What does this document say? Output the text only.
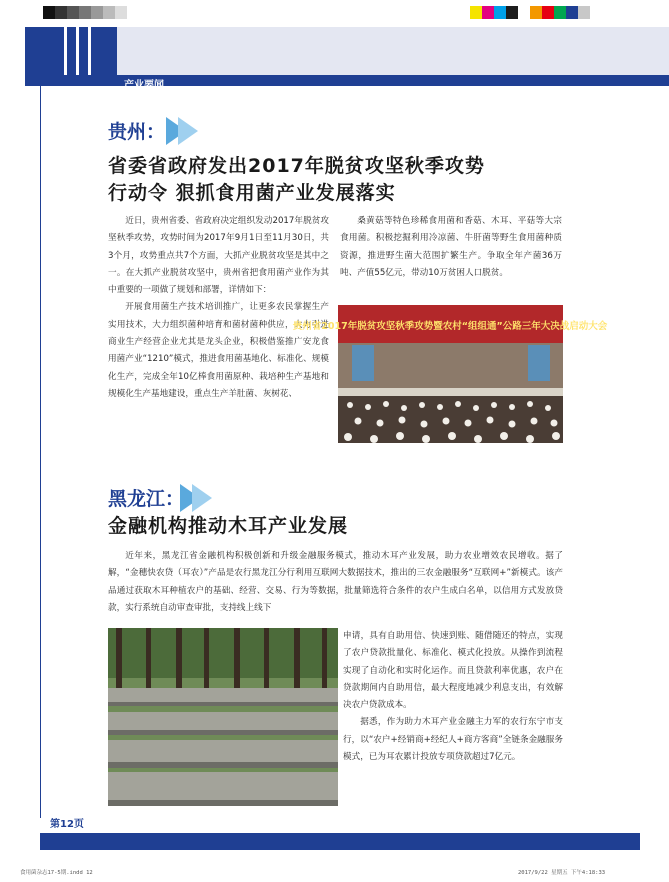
产业要闻
贵州：
省委省政府发出2017年脱贫攻坚秋季攻势
行动令 狠抓食用菌产业发展落实
近日，贵州省委、省政府决定组织发动2017年脱贫攻坚秋季攻势，攻势时间为2017年9月1日至11月30日，共3个月，攻势重点共7个方面，大抓产业脱贫攻坚是其中之一。在大抓产业脱贫攻坚中，贵州省把食用菌产业作为其中重要的一项做了规划和部署，详情如下：
开展食用菌生产技术培训推广，让更多农民掌握生产实用技术，大力组织菌种培育和菌材菌种供应，大力引进商业生产经营企业尤其是龙头企业，积极借鉴推广安龙食用菌产业“1210”模式，推进食用菌基地化、标准化、规模化生产，完成全年10亿棒食用菌原种、栽培种生产基地和规模化生产基地建设，重点生产羊肚菌、灰树花、
桑黄菇等特色珍稀食用菌和香菇、木耳、平菇等大宗食用菌。积极挖掘利用冷凉菌、牛肝菌等野生食用菌种质资源，推进野生菌大范围扩繁生产。争取全年产菌36万吨、产值55亿元，带动10万贫困人口脱贫。
贵州省2017年脱贫攻坚秋季攻势暨农村“组组通”公路三年大决战启动大会
黑龙江：
金融机构推动木耳产业发展
近年来，黑龙江省金融机构积极创新和升级金融服务模式，推动木耳产业发展，助力农业增效农民增收。据了解，“金穗快农贷（耳农）”产品是农行黑龙江分行利用互联网大数据技术，推出的三农金融服务“互联网+”新模式。该产品通过获取木耳种植农户的基础、经营、交易、行为等数据，批量筛选符合条件的农户生成白名单，以信用方式发放贷款，实行系统自动审查审批，支持线上线下
申请，具有自助用信、快速到账、随借随还的特点，实现了农户贷款批量化、标准化、模式化投放。从操作到流程实现了自动化和实时化运作。而且贷款利率优惠，农户在贷款期间内自助用信，最大程度地减少利息支出，有效解决农户贷款成本。
据悉，作为助力木耳产业金融主力军的农行东宁市支行，以“农户+经销商+经纪人+商方客商”全链条金融服务模式，已为耳农累计投放专项贷款超过7亿元。
第12页
食用菌杂志17-5期.indd 12	2017/9/22 星期五 下午4:18:33
